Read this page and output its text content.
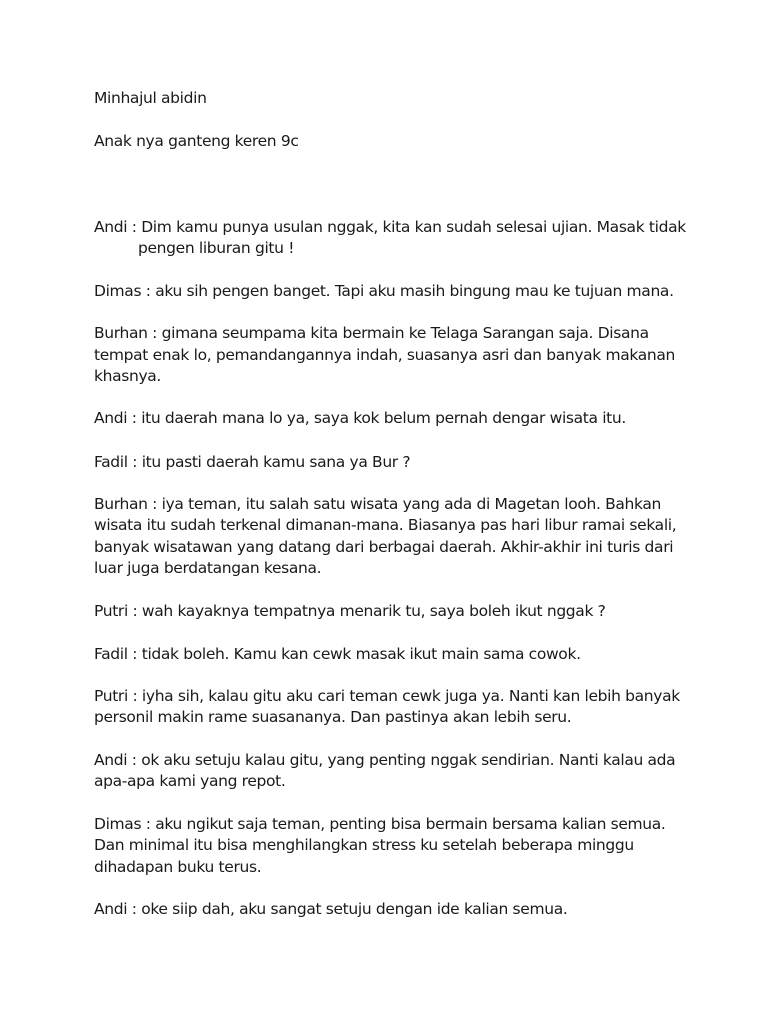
Minhajul abidin
Anak nya ganteng keren 9c
Andi : Dim kamu punya usulan nggak, kita kan sudah selesai ujian. Masak tidak
pengen liburan gitu !
Dimas : aku sih pengen banget. Tapi aku masih bingung mau ke tujuan mana.
Burhan : gimana seumpama kita bermain ke Telaga Sarangan saja. Disana
tempat enak lo, pemandangannya indah, suasanya asri dan banyak makanan
khasnya.
Andi : itu daerah mana lo ya, saya kok belum pernah dengar wisata itu.
Fadil : itu pasti daerah kamu sana ya Bur ?
Burhan : iya teman, itu salah satu wisata yang ada di Magetan looh. Bahkan
wisata itu sudah terkenal dimanan-mana. Biasanya pas hari libur ramai sekali,
banyak wisatawan yang datang dari berbagai daerah. Akhir-akhir ini turis dari
luar juga berdatangan kesana.
Putri : wah kayaknya tempatnya menarik tu, saya boleh ikut nggak ?
Fadil : tidak boleh. Kamu kan cewk masak ikut main sama cowok.
Putri : iyha sih, kalau gitu aku cari teman cewk juga ya. Nanti kan lebih banyak
personil makin rame suasananya. Dan pastinya akan lebih seru.
Andi : ok aku setuju kalau gitu, yang penting nggak sendirian. Nanti kalau ada
apa-apa kami yang repot.
Dimas : aku ngikut saja teman, penting bisa bermain bersama kalian semua.
Dan minimal itu bisa menghilangkan stress ku setelah beberapa minggu
dihadapan buku terus.
Andi : oke siip dah, aku sangat setuju dengan ide kalian semua.
